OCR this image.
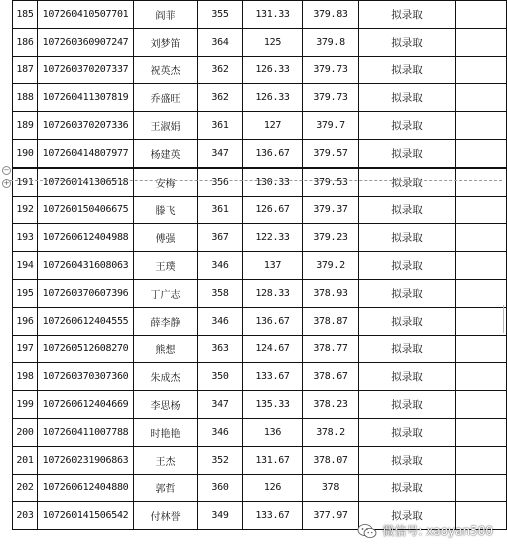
185	107260410507701	阎菲	355	131.33	379.83	拟录取	
186	107260360907247	刘梦笛	364	125	379.8	拟录取	
187	107260370207337	祝英杰	362	126.33	379.73	拟录取	
188	107260411307819	乔盛旺	362	126.33	379.73	拟录取	
189	107260370207336	王淑娟	361	127	379.7	拟录取	
190	107260414807977	杨建英	347	136.67	379.57	拟录取	
191	107260141306518	安梅	356	130.33	379.53	拟录取	
192	107260150406675	滕飞	361	126.67	379.37	拟录取	
193	107260612404988	傅强	367	122.33	379.23	拟录取	
194	107260431608063	王璞	346	137	379.2	拟录取	
195	107260370607396	丁广志	358	128.33	378.93	拟录取	
196	107260612404555	薛李静	346	136.67	378.87	拟录取	
197	107260512608270	熊想	363	124.67	378.77	拟录取	
198	107260370307360	朱成杰	350	133.67	378.67	拟录取	
199	107260612404669	李思杨	347	135.33	378.23	拟录取	
200	107260411007788	时艳艳	346	136	378.2	拟录取	
201	107260231906863	王杰	352	131.67	378.07	拟录取	
202	107260612404880	郭哲	360	126	378	拟录取	
203	107260141506542	付林誉	349	133.67	377.97	拟录取	
−
+
微信号: xaoyan500
